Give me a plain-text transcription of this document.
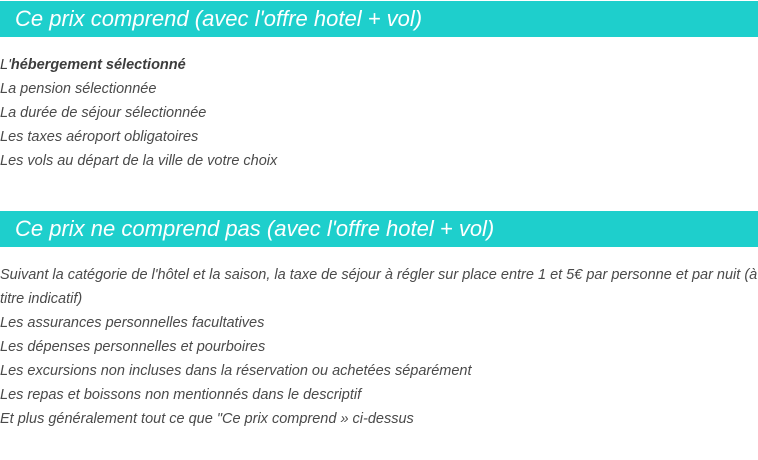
Ce prix comprend (avec l'offre hotel + vol)
L'hébergement sélectionné
La pension sélectionnée
La durée de séjour sélectionnée
Les taxes aéroport obligatoires
Les vols au départ de la ville de votre choix
Ce prix ne comprend pas (avec l'offre hotel + vol)
Suivant la catégorie de l'hôtel et la saison, la taxe de séjour à régler sur place entre 1 et 5€ par personne et par nuit (à titre indicatif)
Les assurances personnelles facultatives
Les dépenses personnelles et pourboires
Les excursions non incluses dans la réservation ou achetées séparément
Les repas et boissons non mentionnés dans le descriptif
Et plus généralement tout ce que "Ce prix comprend » ci-dessus
